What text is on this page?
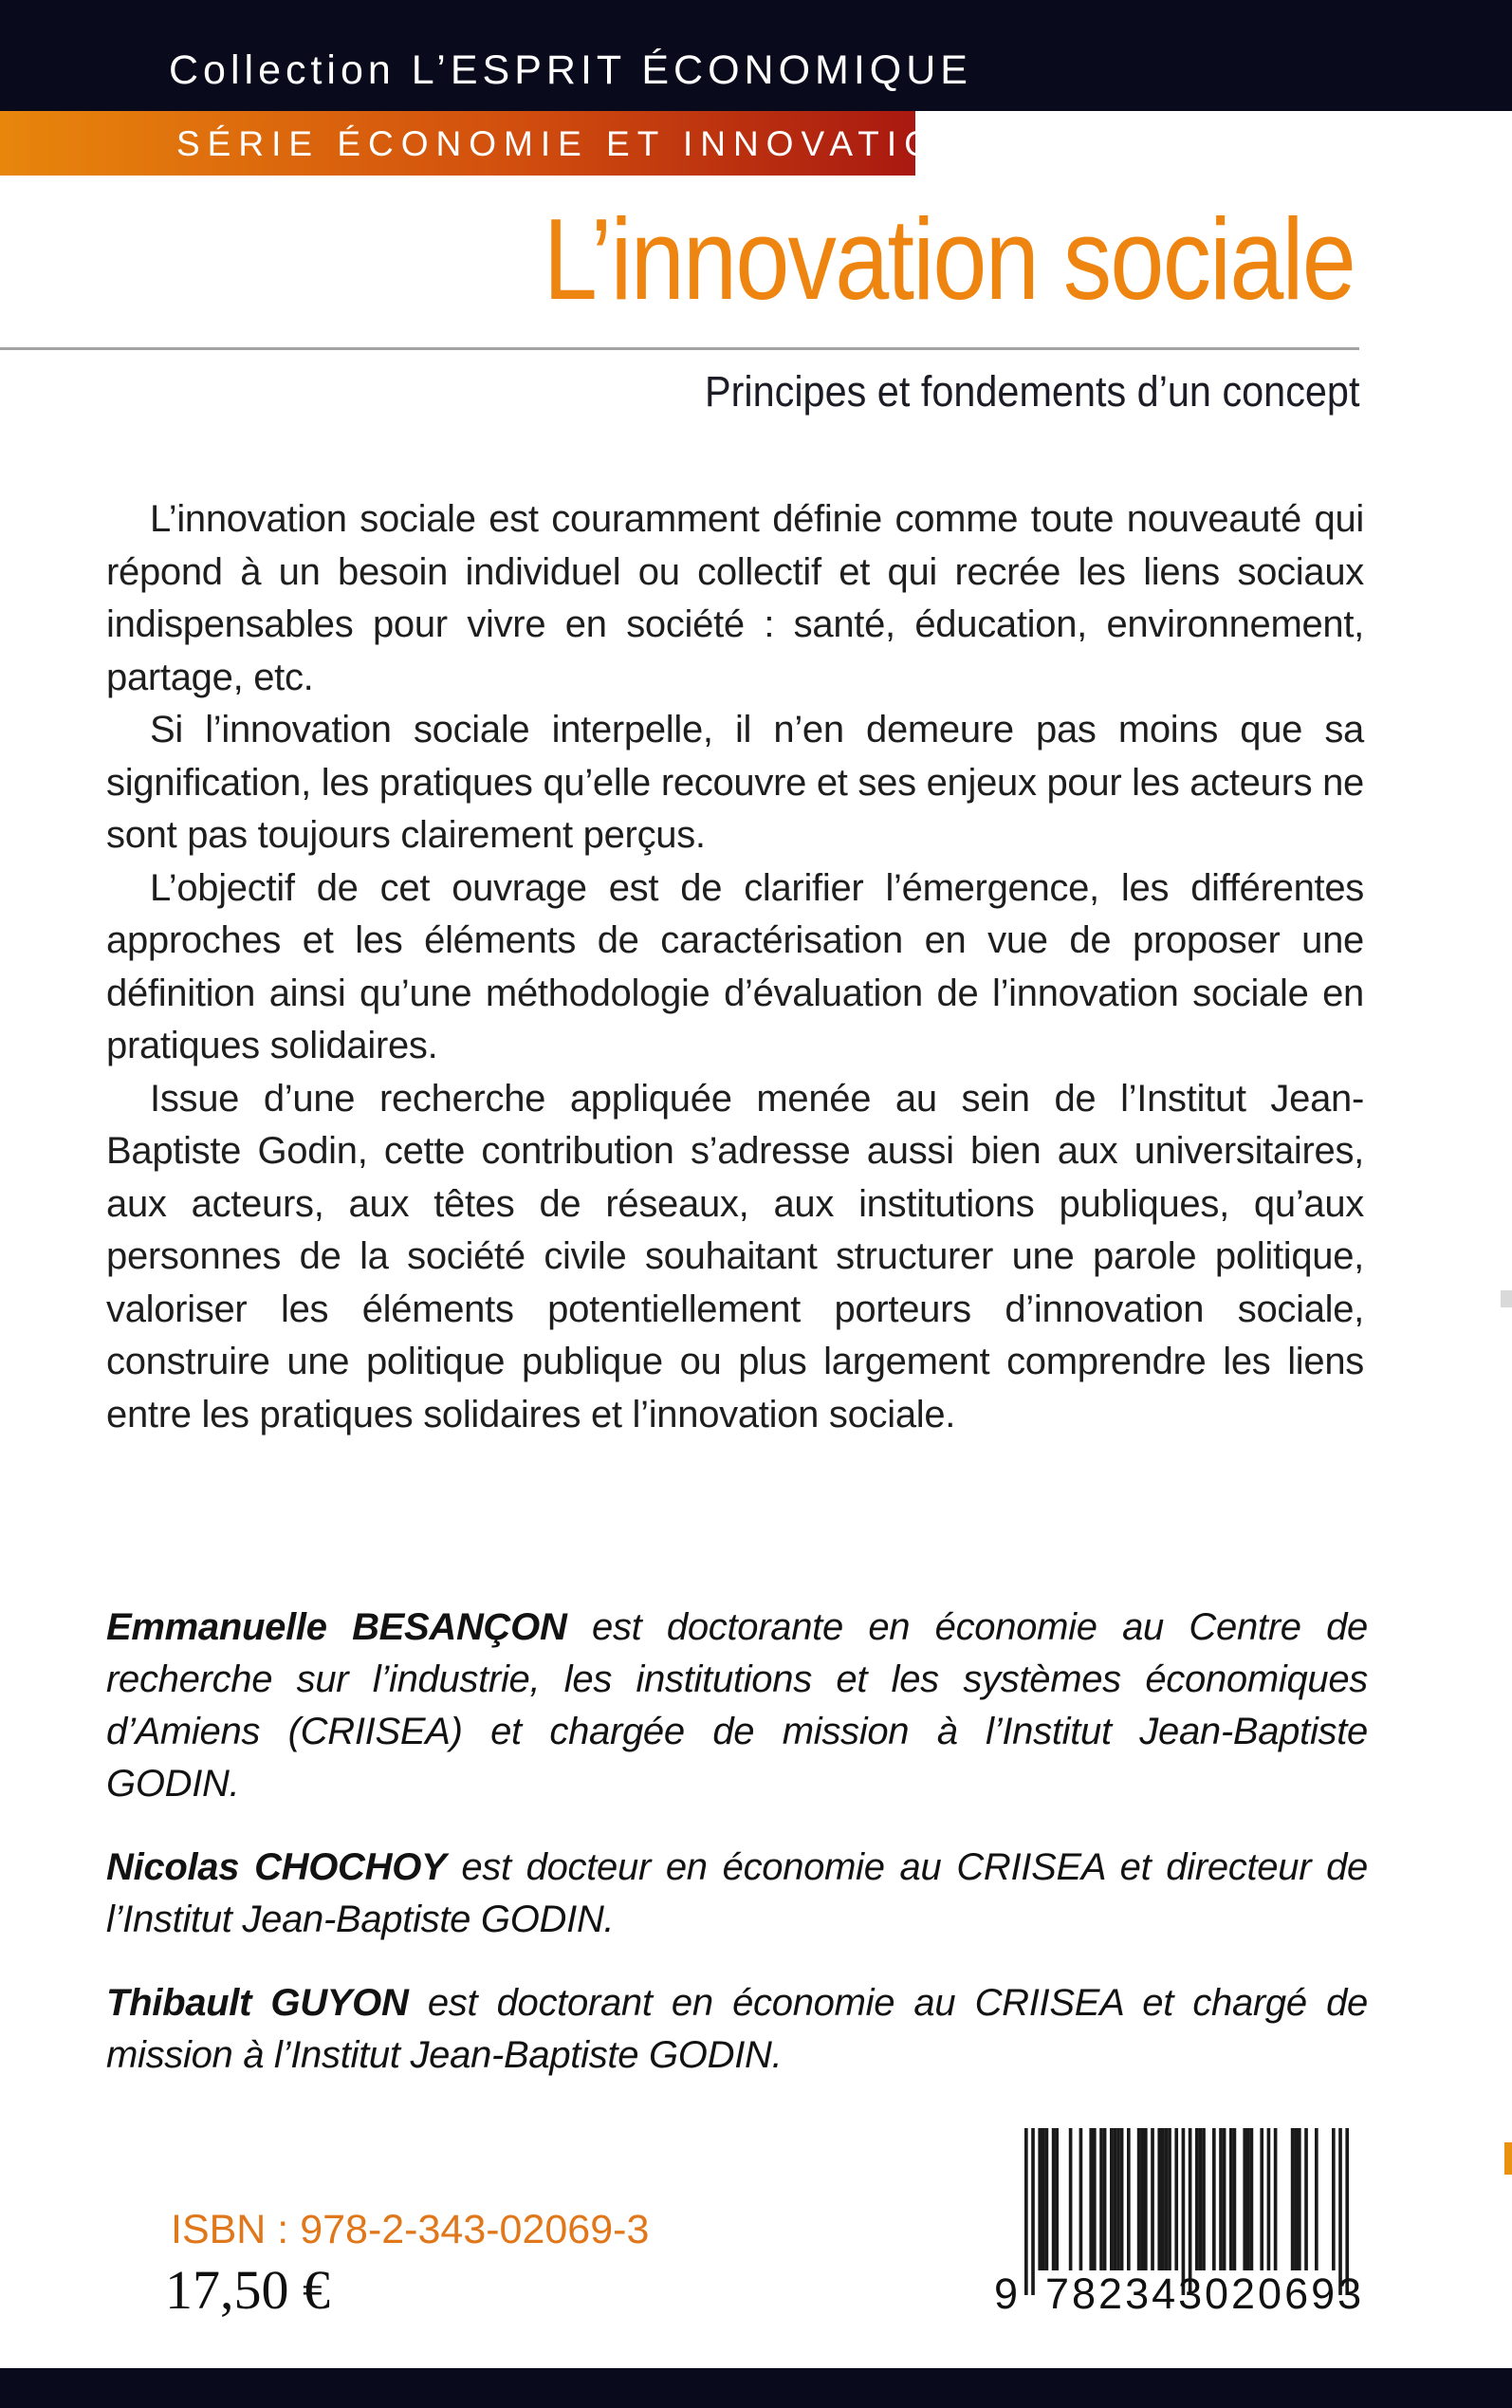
Collection L’ESPRIT ÉCONOMIQUE
SÉRIE ÉCONOMIE ET INNOVATION
L’innovation sociale
Principes et fondements d’un concept

L’innovation sociale est couramment définie comme toute nouveauté qui répond à un besoin individuel ou collectif et qui recrée les liens sociaux indispensables pour vivre en société : santé, éducation, environnement, partage, etc.

Si l’innovation sociale interpelle, il n’en demeure pas moins que sa signification, les pratiques qu’elle recouvre et ses enjeux pour les acteurs ne sont pas toujours clairement perçus.

L’objectif de cet ouvrage est de clarifier l’émergence, les différentes approches et les éléments de caractérisation en vue de proposer une définition ainsi qu’une méthodologie d’évaluation de l’innovation sociale en pratiques solidaires.

Issue d’une recherche appliquée menée au sein de l’Institut Jean-Baptiste Godin, cette contribution s’adresse aussi bien aux universitaires, aux acteurs, aux têtes de réseaux, aux institutions publiques, qu’aux personnes de la société civile souhaitant structurer une parole politique, valoriser les éléments potentiellement porteurs d’innovation sociale, construire une politique publique ou plus largement comprendre les liens entre les pratiques solidaires et l’innovation sociale.

Emmanuelle BESANÇON est doctorante en économie au Centre de recherche sur l’industrie, les institutions et les systèmes économiques d’Amiens (CRIISEA) et chargée de mission à l’Institut Jean-Baptiste GODIN.

Nicolas CHOCHOY est docteur en économie au CRIISEA et directeur de l’Institut Jean-Baptiste GODIN.

Thibault GUYON est doctorant en économie au CRIISEA et chargé de mission à l’Institut Jean-Baptiste GODIN.

ISBN : 978-2-343-02069-3
17,50 €	9 782343 020693
